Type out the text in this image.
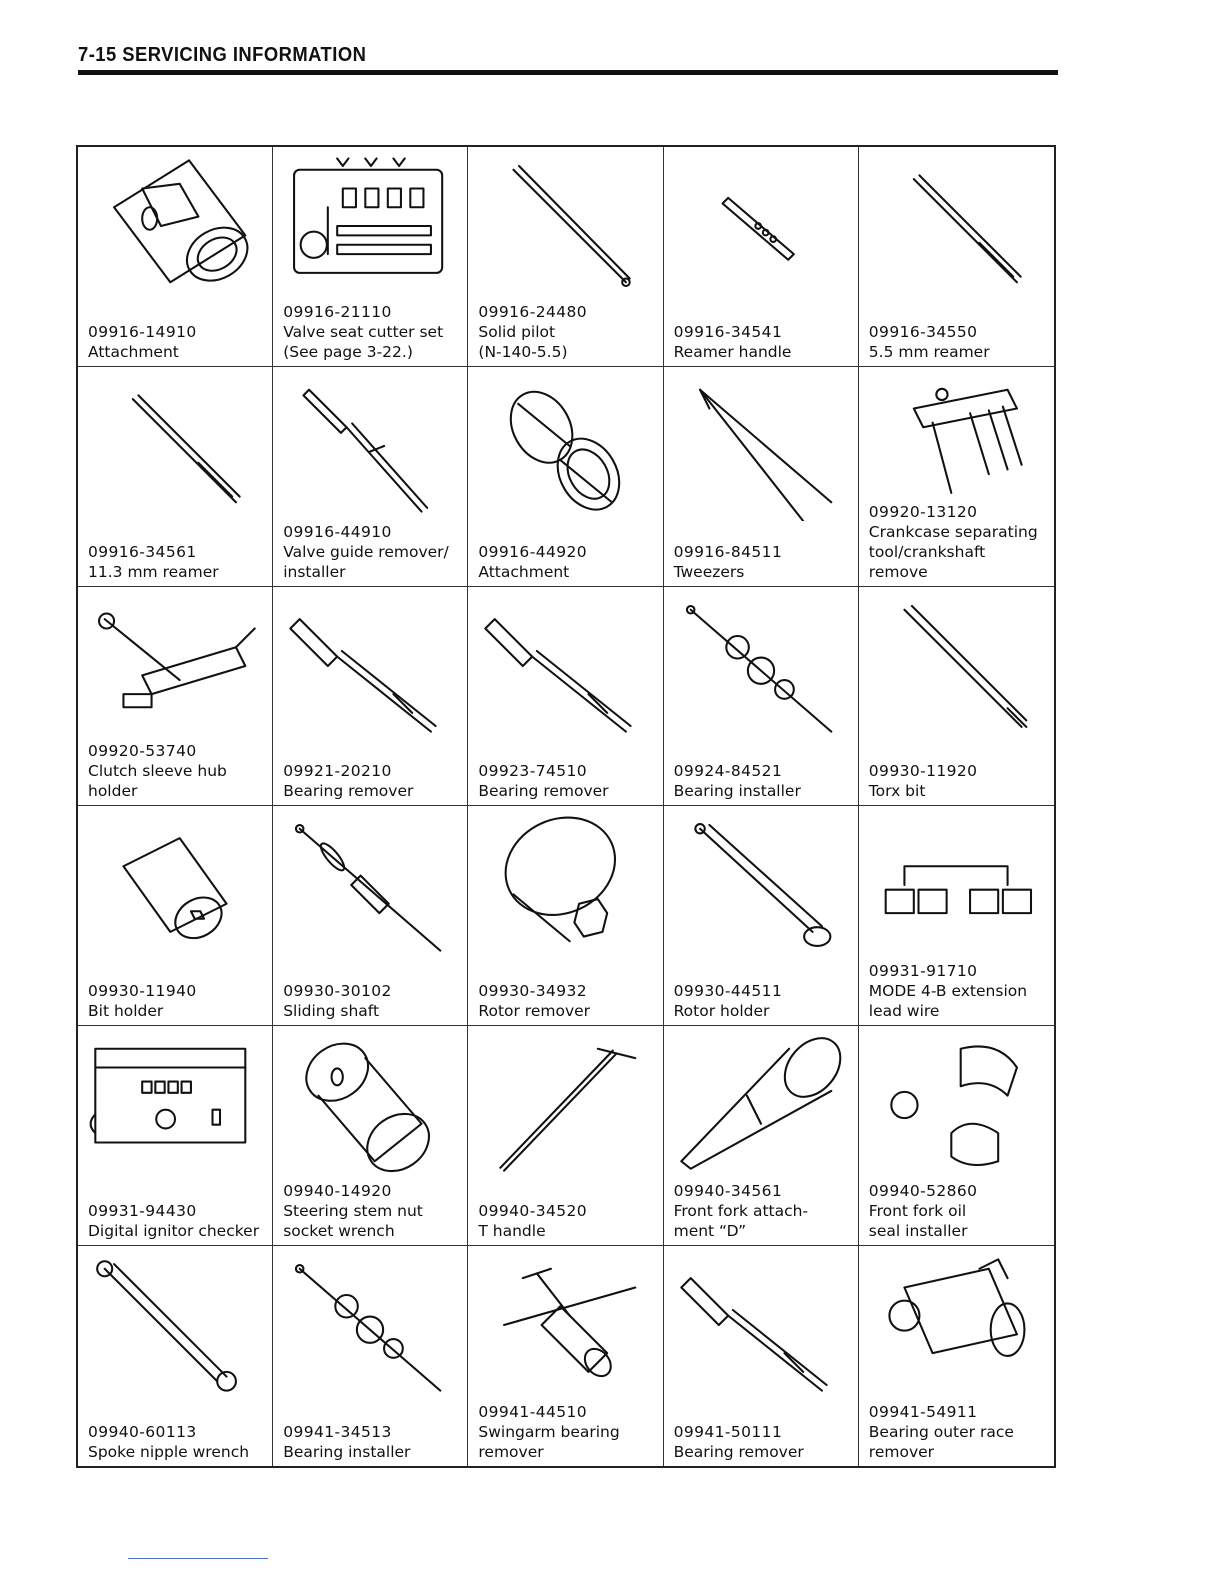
7-15 SERVICING INFORMATION
09916-14910
Attachment
09916-21110
Valve seat cutter set
(See page 3-22.)
09916-24480
Solid pilot
(N-140-5.5)
09916-34541
Reamer handle
09916-34550
5.5 mm reamer
09916-34561
11.3 mm reamer
09916-44910
Valve guide remover/
installer
09916-44920
Attachment
09916-84511
Tweezers
09920-13120
Crankcase separating
tool/crankshaft
remove
09920-53740
Clutch sleeve hub
holder
09921-20210
Bearing remover
09923-74510
Bearing remover
09924-84521
Bearing installer
09930-11920
Torx bit
09930-11940
Bit holder
09930-30102
Sliding shaft
09930-34932
Rotor remover
09930-44511
Rotor holder
09931-91710
MODE 4-B extension
lead wire
09931-94430
Digital ignitor checker
09940-14920
Steering stem nut
socket wrench
09940-34520
T handle
09940-34561
Front fork attach-
ment “D”
09940-52860
Front fork oil
seal installer
09940-60113
Spoke nipple wrench
09941-34513
Bearing installer
09941-44510
Swingarm bearing
remover
09941-50111
Bearing remover
09941-54911
Bearing outer race
remover
